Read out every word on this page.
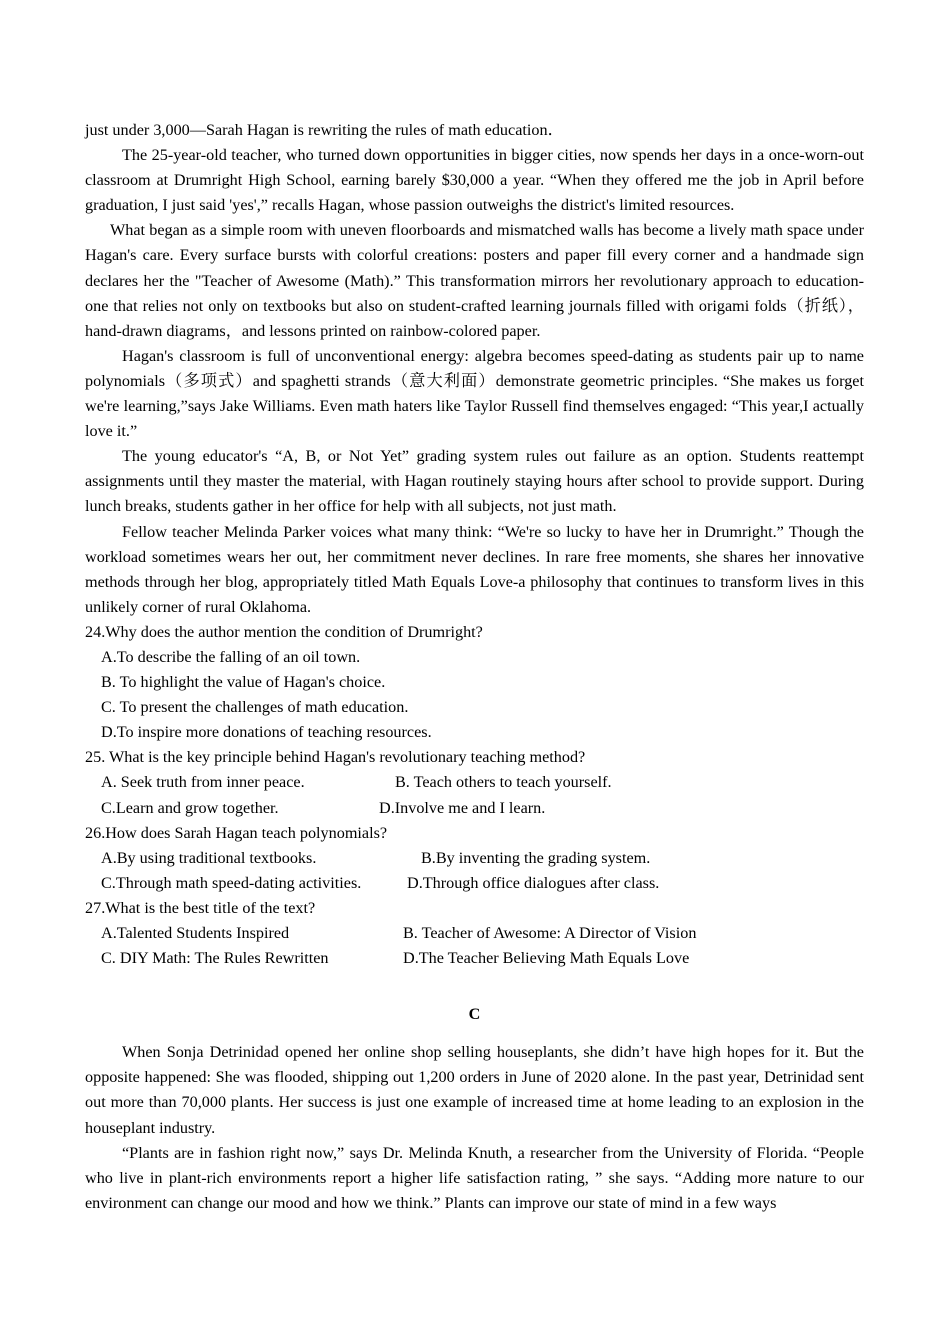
just under 3,000—Sarah Hagan is rewriting the rules of math education．

The 25-year-old teacher, who turned down opportunities in bigger cities, now spends her days in a once-worn-out classroom at Drumright High School, earning barely $30,000 a year. “When they offered me the job in April before graduation, I just said 'yes',” recalls Hagan, whose passion outweighs the district's limited resources.

What began as a simple room with uneven floorboards and mismatched walls has become a lively math space under Hagan's care. Every surface bursts with colorful creations: posters and paper fill every corner and a handmade sign declares her the "Teacher of Awesome (Math).” This transformation mirrors her revolutionary approach to education-one that relies not only on textbooks but also on student-crafted learning journals filled with origami folds（折纸），hand-drawn diagrams，and lessons printed on rainbow-colored paper.

Hagan's classroom is full of unconventional energy: algebra becomes speed-dating as students pair up to name polynomials（多项式）and spaghetti strands（意大利面）demonstrate geometric principles. “She makes us forget we're learning,”says Jake Williams. Even math haters like Taylor Russell find themselves engaged: “This year,I actually love it.”

The young educator's “A, B, or Not Yet” grading system rules out failure as an option. Students reattempt assignments until they master the material, with Hagan routinely staying hours after school to provide support. During lunch breaks, students gather in her office for help with all subjects, not just math.

Fellow teacher Melinda Parker voices what many think: “We're so lucky to have her in Drumright.” Though the workload sometimes wears her out, her commitment never declines. In rare free moments, she shares her innovative methods through her blog, appropriately titled Math Equals Love-a philosophy that continues to transform lives in this unlikely corner of rural Oklahoma.

24.Why does the author mention the condition of Drumright?

A.To describe the falling of an oil town.

B. To highlight the value of Hagan's choice.

C. To present the challenges of math education.

D.To inspire more donations of teaching resources.

25. What is the key principle behind Hagan's revolutionary teaching method?

A. Seek truth from inner peace.	B. Teach others to teach yourself.

C.Learn and grow together.	D.Involve me and I learn.

26.How does Sarah Hagan teach polynomials?

A.By using traditional textbooks.	B.By inventing the grading system.

C.Through math speed-dating activities.	D.Through office dialogues after class.

27.What is the best title of the text?

A.Talented Students Inspired	B. Teacher of Awesome: A Director of Vision

C. DIY Math: The Rules Rewritten	D.The Teacher Believing Math Equals Love

C

When Sonja Detrinidad opened her online shop selling houseplants, she didn’t have high hopes for it. But the opposite happened: She was flooded, shipping out 1,200 orders in June of 2020 alone. In the past year, Detrinidad sent out more than 70,000 plants. Her success is just one example of increased time at home leading to an explosion in the houseplant industry.

“Plants are in fashion right now,” says Dr. Melinda Knuth, a researcher from the University of Florida. “People who live in plant-rich environments report a higher life satisfaction rating, ” she says. “Adding more nature to our environment can change our mood and how we think.” Plants can improve our state of mind in a few ways
